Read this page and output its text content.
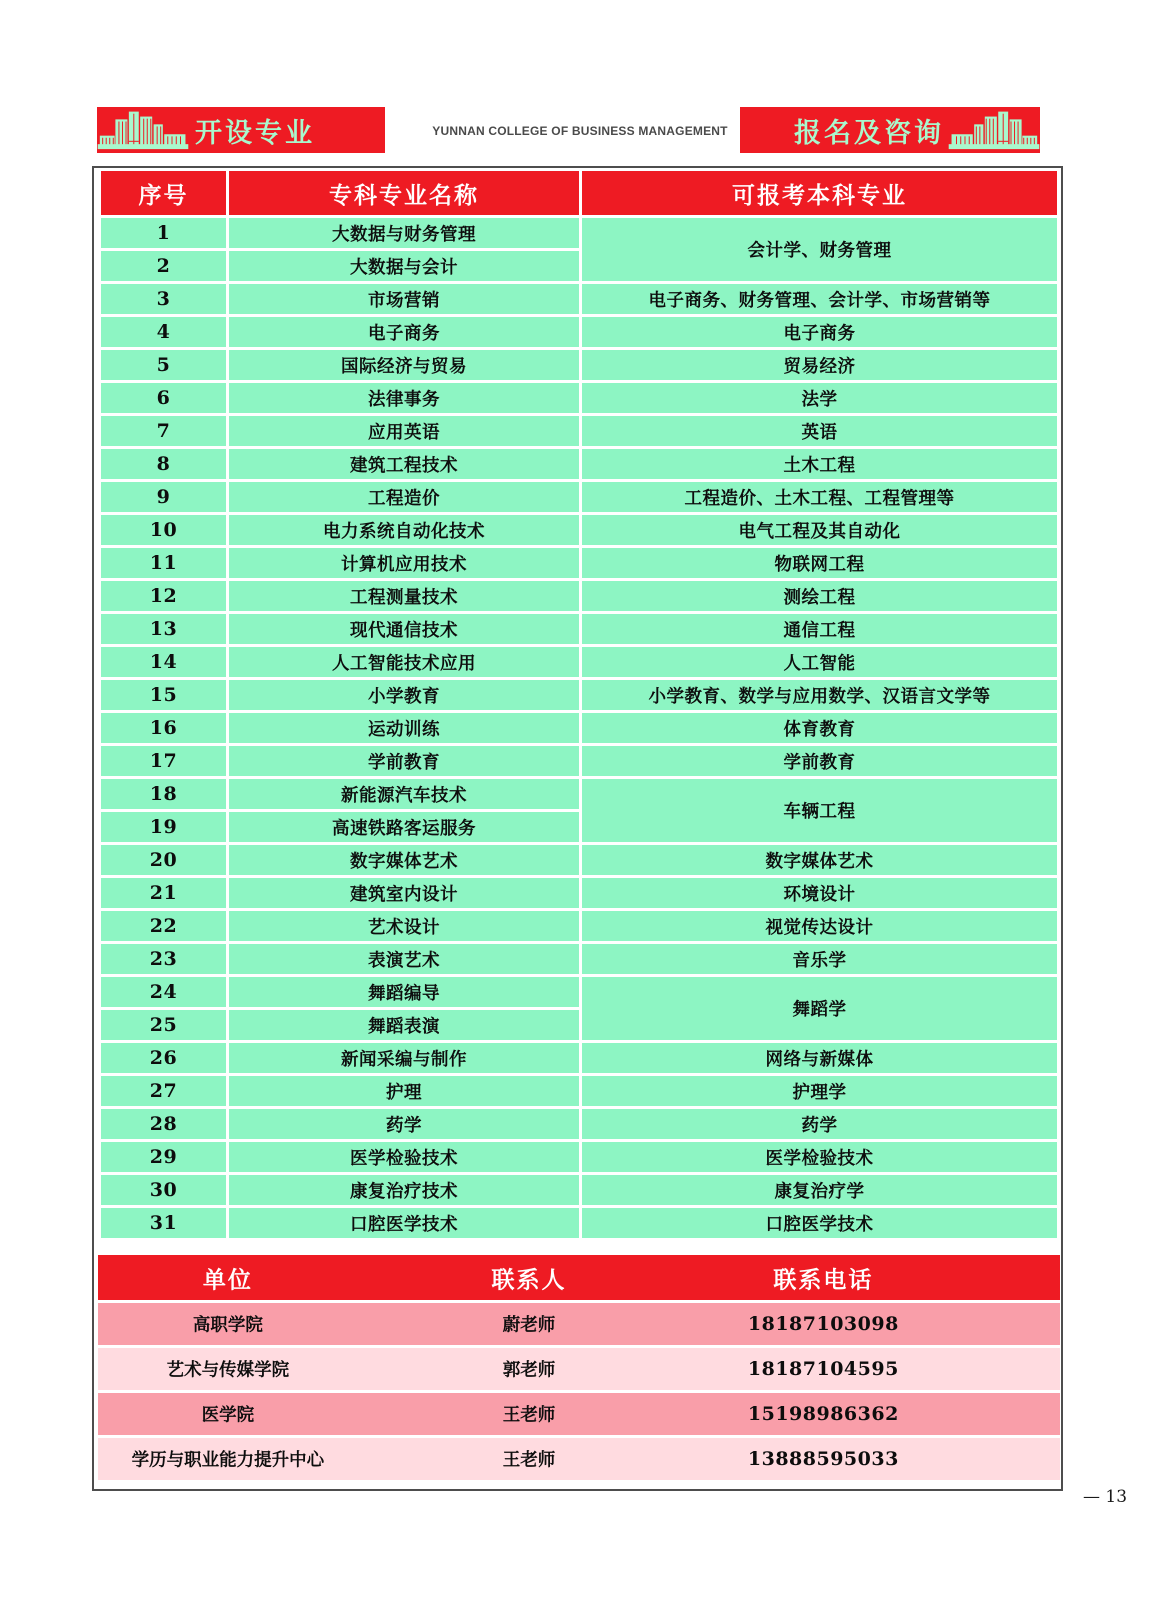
开设专业	YUNNAN COLLEGE OF BUSINESS MANAGEMENT	报名及咨询
序号	专科专业名称	可报考本科专业
1	大数据与财务管理	会计学、财务管理
2	大数据与会计	
3	市场营销	电子商务、财务管理、会计学、市场营销等
4	电子商务	电子商务
5	国际经济与贸易	贸易经济
6	法律事务	法学
7	应用英语	英语
8	建筑工程技术	土木工程
9	工程造价	工程造价、土木工程、工程管理等
10	电力系统自动化技术	电气工程及其自动化
11	计算机应用技术	物联网工程
12	工程测量技术	测绘工程
13	现代通信技术	通信工程
14	人工智能技术应用	人工智能
15	小学教育	小学教育、数学与应用数学、汉语言文学等
16	运动训练	体育教育
17	学前教育	学前教育
18	新能源汽车技术	车辆工程
19	高速铁路客运服务	
20	数字媒体艺术	数字媒体艺术
21	建筑室内设计	环境设计
22	艺术设计	视觉传达设计
23	表演艺术	音乐学
24	舞蹈编导	舞蹈学
25	舞蹈表演	
26	新闻采编与制作	网络与新媒体
27	护理	护理学
28	药学	药学
29	医学检验技术	医学检验技术
30	康复治疗技术	康复治疗学
31	口腔医学技术	口腔医学技术
单位	联系人	联系电话
高职学院	蔚老师	18187103098
艺术与传媒学院	郭老师	18187104595
医学院	王老师	15198986362
学历与职业能力提升中心	王老师	13888595033
— 13
